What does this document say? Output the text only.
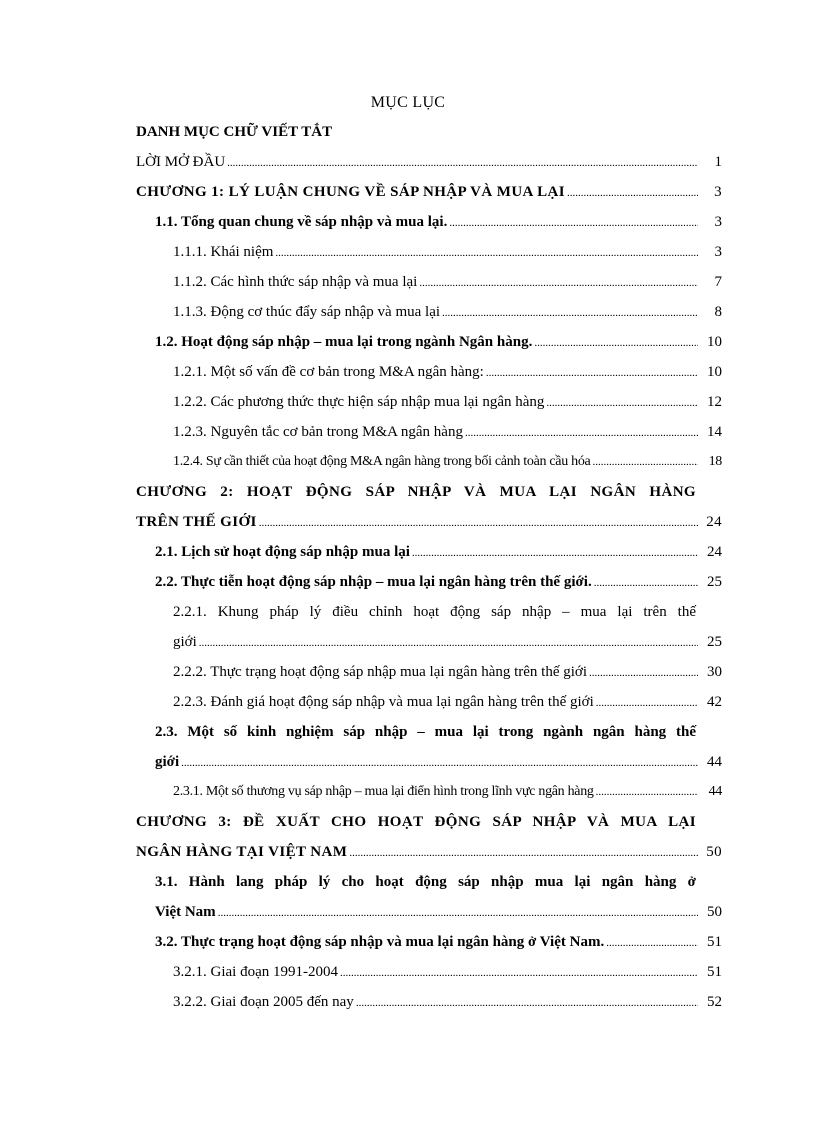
MỤC LỤC
DANH MỤC CHỮ VIẾT TẮT
LỜI MỞ ĐẦU .....	1
CHƯƠNG 1: LÝ LUẬN CHUNG VỀ SÁP NHẬP VÀ MUA LẠI .....	3
1.1. Tổng quan chung về sáp nhập và mua lại. .....	3
1.1.1. Khái niệm .....	3
1.1.2. Các hình thức sáp nhập và mua lại .....	7
1.1.3. Động cơ thúc đẩy sáp nhập và mua lại .....	8
1.2. Hoạt động sáp nhập – mua lại trong ngành Ngân hàng. .....	10
1.2.1. Một số vấn đề cơ bản trong M&A ngân hàng: .....	10
1.2.2. Các phương thức thực hiện sáp nhập mua lại ngân hàng .....	12
1.2.3. Nguyên tắc cơ bản trong M&A ngân hàng .....	14
1.2.4. Sự cần thiết của hoạt động M&A ngân hàng trong bối cảnh toàn cầu hóa .....	18
CHƯƠNG 2: HOẠT ĐỘNG SÁP NHẬP VÀ MUA LẠI NGÂN HÀNG
TRÊN THẾ GIỚI .....	24
2.1. Lịch sử hoạt động sáp nhập mua lại .....	24
2.2. Thực tiễn hoạt động sáp nhập – mua lại ngân hàng trên thế giới. .....	25
2.2.1. Khung pháp lý điều chỉnh hoạt động sáp nhập – mua lại trên thế
giới .....	25
2.2.2. Thực trạng hoạt động sáp nhập mua lại ngân hàng trên thế giới .....	30
2.2.3. Đánh giá hoạt động sáp nhập và mua lại ngân hàng trên thế giới .....	42
2.3. Một số kinh nghiệm sáp nhập – mua lại trong ngành ngân hàng thế
giới .....	44
2.3.1. Một số thương vụ sáp nhập – mua lại điển hình trong lĩnh vực ngân hàng .....	44
CHƯƠNG 3: ĐỀ XUẤT CHO HOẠT ĐỘNG SÁP NHẬP VÀ MUA LẠI
NGÂN HÀNG TẠI VIỆT NAM .....	50
3.1. Hành lang pháp lý cho hoạt động sáp nhập mua lại ngân hàng ở
Việt Nam .....	50
3.2. Thực trạng hoạt động sáp nhập và mua lại ngân hàng ở Việt Nam. .....	51
3.2.1. Giai đoạn 1991-2004 .....	51
3.2.2. Giai đoạn 2005 đến nay .....	52
